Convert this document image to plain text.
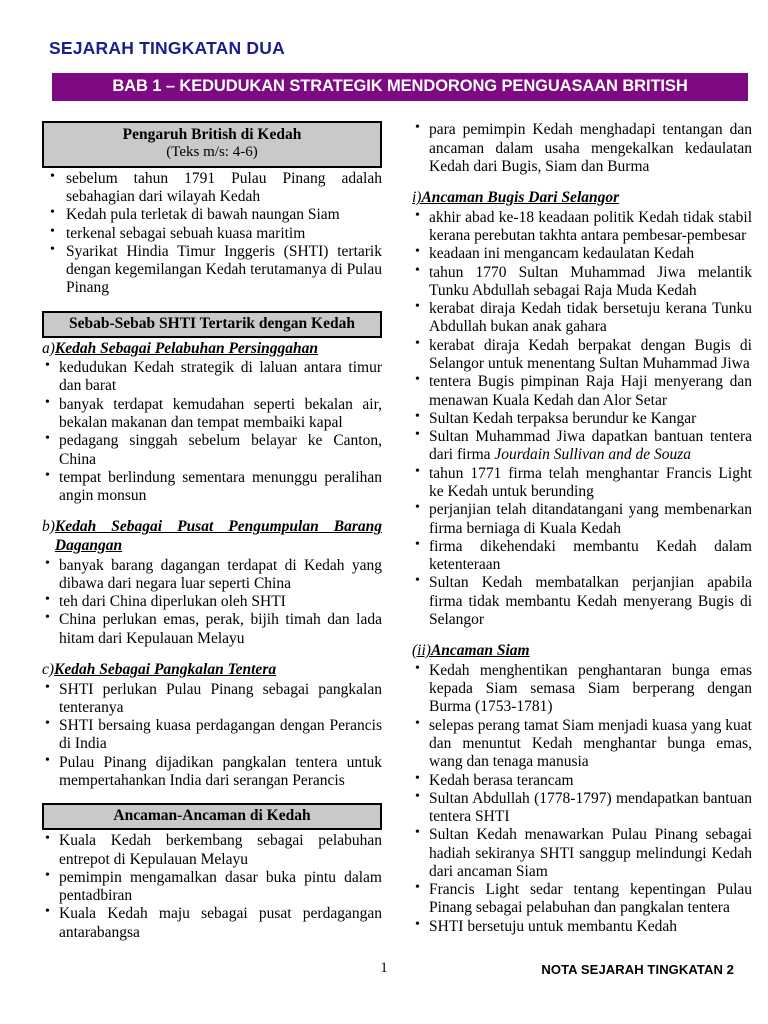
SEJARAH TINGKATAN DUA
BAB 1 – KEDUDUKAN STRATEGIK MENDORONG PENGUASAAN BRITISH
Pengaruh British di Kedah
(Teks m/s: 4-6)
• sebelum tahun 1791 Pulau Pinang adalah sebahagian dari wilayah Kedah
• Kedah pula terletak di bawah naungan Siam
• terkenal sebagai sebuah kuasa maritim
• Syarikat Hindia Timur Inggeris (SHTI) tertarik dengan kegemilangan Kedah terutamanya di Pulau Pinang
Sebab-Sebab SHTI Tertarik dengan Kedah
a) Kedah Sebagai Pelabuhan Persinggahan
• kedudukan Kedah strategik di laluan antara timur dan barat
• banyak terdapat kemudahan seperti bekalan air, bekalan makanan dan tempat membaiki kapal
• pedagang singgah sebelum belayar ke Canton, China
• tempat berlindung sementara menunggu peralihan angin monsun
b) Kedah Sebagai Pusat Pengumpulan Barang Dagangan
• banyak barang dagangan terdapat di Kedah yang dibawa dari negara luar seperti China
• teh dari China diperlukan oleh SHTI
• China perlukan emas, perak, bijih timah dan lada hitam dari Kepulauan Melayu
c) Kedah Sebagai Pangkalan Tentera
• SHTI perlukan Pulau Pinang sebagai pangkalan tenteranya
• SHTI bersaing kuasa perdagangan dengan Perancis di India
• Pulau Pinang dijadikan pangkalan tentera untuk mempertahankan India dari serangan Perancis
Ancaman-Ancaman di Kedah
• Kuala Kedah berkembang sebagai pelabuhan entrepot di Kepulauan Melayu
• pemimpin mengamalkan dasar buka pintu dalam pentadbiran
• Kuala Kedah maju sebagai pusat perdagangan antarabangsa
• para pemimpin Kedah menghadapi tentangan dan ancaman dalam usaha mengekalkan kedaulatan Kedah dari Bugis, Siam dan Burma
i) Ancaman Bugis Dari Selangor
• akhir abad ke-18 keadaan politik Kedah tidak stabil kerana perebutan takhta antara pembesar-pembesar
• keadaan ini mengancam kedaulatan Kedah
• tahun 1770 Sultan Muhammad Jiwa melantik Tunku Abdullah sebagai Raja Muda Kedah
• kerabat diraja Kedah tidak bersetuju kerana Tunku Abdullah bukan anak gahara
• kerabat diraja Kedah berpakat dengan Bugis di Selangor untuk menentang Sultan Muhammad Jiwa
• tentera Bugis pimpinan Raja Haji menyerang dan menawan Kuala Kedah dan Alor Setar
• Sultan Kedah terpaksa berundur ke Kangar
• Sultan Muhammad Jiwa dapatkan bantuan tentera dari firma Jourdain Sullivan and de Souza
• tahun 1771 firma telah menghantar Francis Light ke Kedah untuk berunding
• perjanjian telah ditandatangani yang membenarkan firma berniaga di Kuala Kedah
• firma dikehendaki membantu Kedah dalam ketenteraan
• Sultan Kedah membatalkan perjanjian apabila firma tidak membantu Kedah menyerang Bugis di Selangor
(ii) Ancaman Siam
• Kedah menghentikan penghantaran bunga emas kepada Siam semasa Siam berperang dengan Burma (1753-1781)
• selepas perang tamat Siam menjadi kuasa yang kuat dan menuntut Kedah menghantar bunga emas, wang dan tenaga manusia
• Kedah berasa terancam
• Sultan Abdullah (1778-1797) mendapatkan bantuan tentera SHTI
• Sultan Kedah menawarkan Pulau Pinang sebagai hadiah sekiranya SHTI sanggup melindungi Kedah dari ancaman Siam
• Francis Light sedar tentang kepentingan Pulau Pinang sebagai pelabuhan dan pangkalan tentera
• SHTI bersetuju untuk membantu Kedah
1	NOTA SEJARAH TINGKATAN 2
